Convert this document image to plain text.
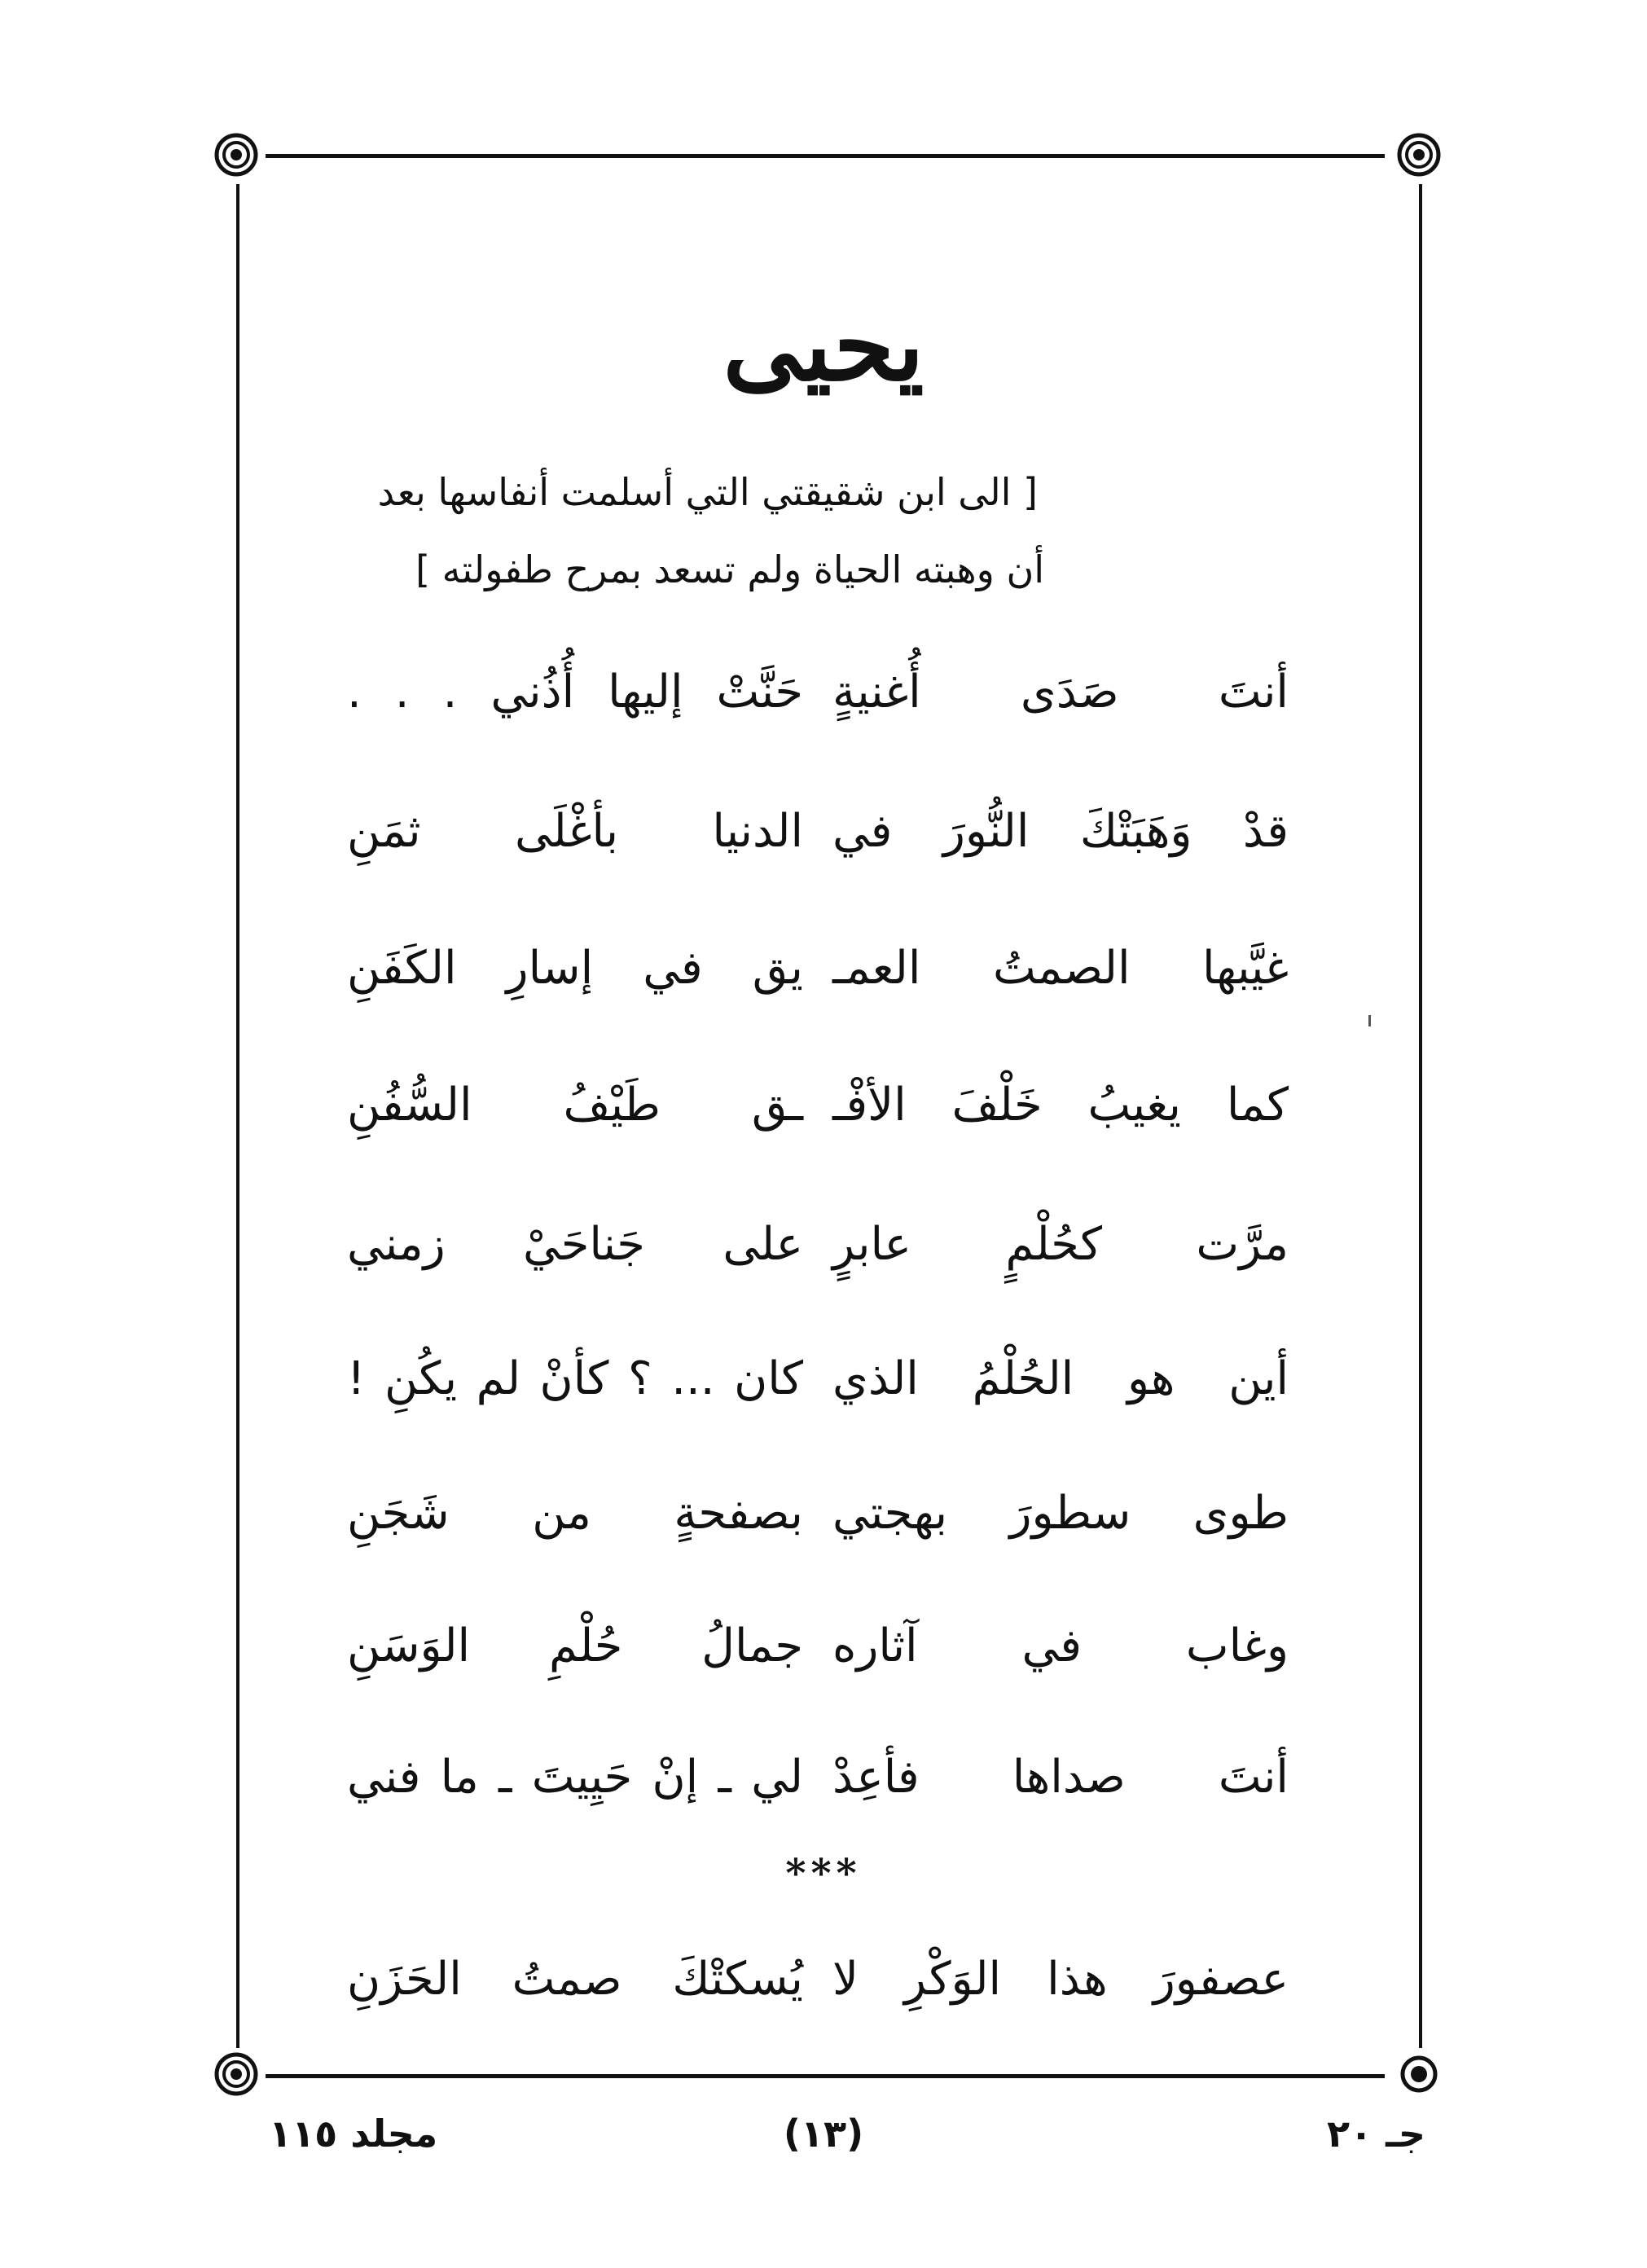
يحيى
[ الى ابن شقيقتي التي أسلمت أنفاسها بعد
أن وهبته الحياة ولم تسعد بمرح طفولته ]
أنتَ صَدَى أُغنيةٍ
حَنَّتْ إليها أُذُني . . .
قدْ وَهَبَتْكَ النُّورَ في
الدنيا بأغْلَى ثمَنِ
غيَّبها الصمتُ العمـ
يق في إسارِ الكَفَنِ
كما يغيبُ خَلْفَ الأفْـ
ـق طَيْفُ السُّفُنِ
مرَّت كحُلْمٍ عابرٍ
على جَناحَيْ زمني
أين هو الحُلْمُ الذي
كان ... ؟ كأنْ لم يكُنِ !
طوى سطورَ بهجتي
بصفحةٍ من شَجَنِ
وغاب في آثاره
جمالُ حُلْمِ الوَسَنِ
أنتَ صداها فأعِدْ
لي ـ إنْ حَيِيتَ ـ ما فني
***
عصفورَ هذا الوَكْرِ لا
يُسكتْكَ صمتُ الحَزَنِ
جـ ٢٠
(١٣)
مجلد ١١٥
